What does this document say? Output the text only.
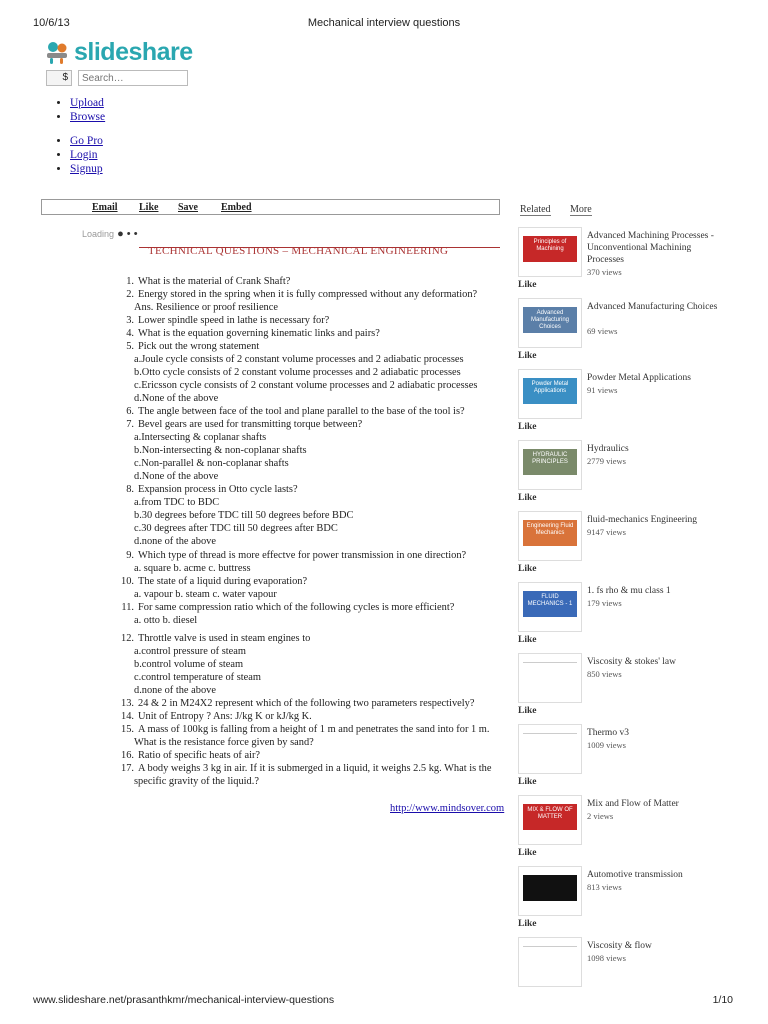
10/6/13	Mechanical interview questions
slideshare
$
Search…
• Upload
• Browse
• Go Pro
• Login
• Signup
Email Like Save Embed	Related More
Loading ● • •
TECHNICAL QUESTIONS – MECHANICAL ENGINEERING
1. What is the material of Crank Shaft?
2. Energy stored in the spring when it is fully compressed without any deformation?
Ans. Resilience or proof resilience
3. Lower spindle speed in lathe is necessary for?
4. What is the equation governing kinematic links and pairs?
5. Pick out the wrong statement
a.Joule cycle consists of 2 constant volume processes and 2 adiabatic processes
b.Otto cycle consists of 2 constant volume processes and 2 adiabatic processes
c.Ericsson cycle consists of 2 constant volume processes and 2 adiabatic processes
d.None of the above
6. The angle between face of the tool and plane parallel to the base of the tool is?
7. Bevel gears are used for transmitting torque between?
a.Intersecting & coplanar shafts
b.Non-intersecting & non-coplanar shafts
c.Non-parallel & non-coplanar shafts
d.None of the above
8. Expansion process in Otto cycle lasts?
a.from TDC to BDC
b.30 degrees before TDC till 50 degrees before BDC
c.30 degrees after TDC till 50 degrees after BDC
d.none of the above
9. Which type of thread is more effectve for power transmission in one direction?
a. square b. acme c. buttress
10. The state of a liquid during evaporation?
a. vapour b. steam c. water vapour
11. For same compression ratio which of the following cycles is more efficient?
a. otto b. diesel
12. Throttle valve is used in steam engines to
a.control pressure of steam
b.control volume of steam
c.control temperature of steam
d.none of the above
13. 24 & 2 in M24X2 represent which of the following two parameters respectively?
14. Unit of Entropy ? Ans: J/kg K or kJ/kg K.
15. A mass of 100kg is falling from a height of 1 m and penetrates the sand into for 1 m.
What is the resistance force given by sand?
16. Ratio of specific heats of air?
17. A body weighs 3 kg in air. If it is submerged in a liquid, it weighs 2.5 kg. What is the
specific gravity of the liquid.?
http://www.mindsover.com
Principles of Machining
Advanced Machining Processes - Unconventional Machining Processes
370 views
Like
Advanced Manufacturing Choices
Advanced Manufacturing Choices
69 views
Like
Powder Metal Applications
Powder Metal Applications
91 views
Like
HYDRAULIC PRINCIPLES
Hydraulics
2779 views
Like
Engineering Fluid Mechanics
fluid-mechanics Engineering
9147 views
Like
FLUID MECHANICS - 1
1. fs rho & mu class 1
179 views
Like
Viscosity & stokes' law
850 views
Like
Thermo v3
1009 views
Like
MIX & FLOW OF MATTER
Mix and Flow of Matter
2 views
Like
Automotive transmission
813 views
Like
Viscosity & flow
1098 views
www.slideshare.net/prasanthkmr/mechanical-interview-questions	1/10
